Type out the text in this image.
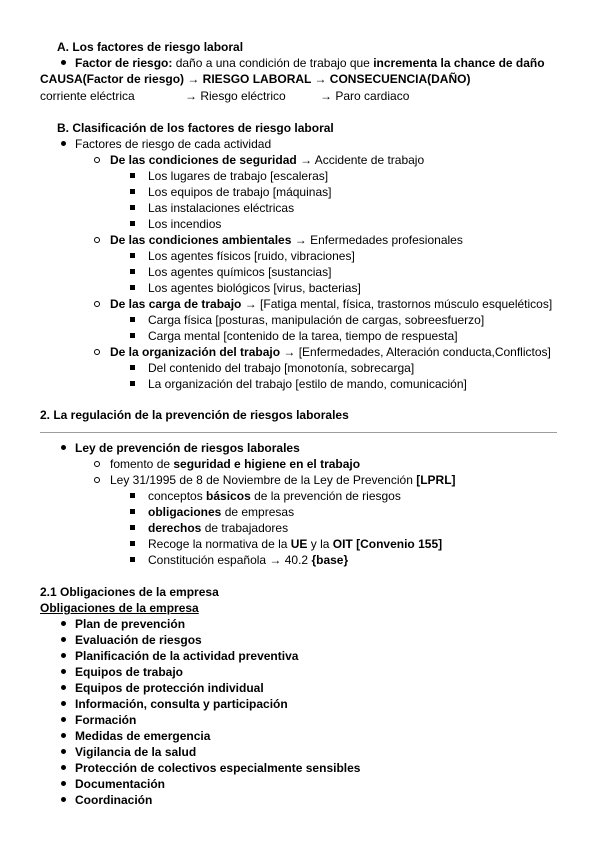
A. Los factores de riesgo laboral
Factor de riesgo: daño a una condición de trabajo que incrementa la chance de daño
CAUSA(Factor de riesgo) → RIESGO LABORAL → CONSECUENCIA(DAÑO)
corriente eléctrica	→ Riesgo eléctrico	→ Paro cardiaco
B. Clasificación de los factores de riesgo laboral
Factores de riesgo de cada actividad
De las condiciones de seguridad → Accidente de trabajo
Los lugares de trabajo [escaleras]
Los equipos de trabajo [máquinas]
Las instalaciones eléctricas
Los incendios
De las condiciones ambientales → Enfermedades profesionales
Los agentes físicos [ruido, vibraciones]
Los agentes químicos [sustancias]
Los agentes biológicos [virus, bacterias]
De las carga de trabajo → [Fatiga mental, física, trastornos músculo esqueléticos]
Carga física [posturas, manipulación de cargas, sobreesfuerzo]
Carga mental [contenido de la tarea, tiempo de respuesta]
De la organización del trabajo → [Enfermedades, Alteración conducta,Conflictos]
Del contenido del trabajo [monotonía, sobrecarga]
La organización del trabajo [estilo de mando, comunicación]
2. La regulación de la prevención de riesgos laborales
Ley de prevención de riesgos laborales
fomento de seguridad e higiene en el trabajo
Ley 31/1995 de 8 de Noviembre de la Ley de Prevención [LPRL]
conceptos básicos de la prevención de riesgos
obligaciones de empresas
derechos de trabajadores
Recoge la normativa de la UE y la OIT [Convenio 155]
Constitución española → 40.2 {base}
2.1 Obligaciones de la empresa
Obligaciones de la empresa
Plan de prevención
Evaluación de riesgos
Planificación de la actividad preventiva
Equipos de trabajo
Equipos de protección individual
Información, consulta y participación
Formación
Medidas de emergencia
Vigilancia de la salud
Protección de colectivos especialmente sensibles
Documentación
Coordinación
